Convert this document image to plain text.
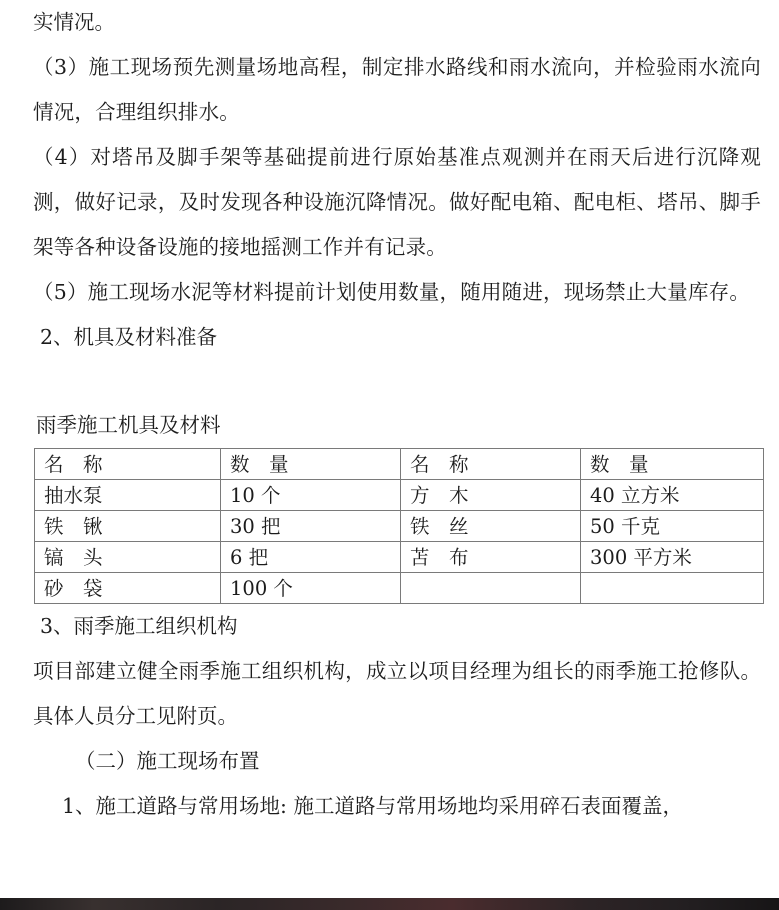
实情况。

（3）施工现场预先测量场地高程，制定排水路线和雨水流向，并检验雨水流向情况，合理组织排水。

（4）对塔吊及脚手架等基础提前进行原始基准点观测并在雨天后进行沉降观测，做好记录，及时发现各种设施沉降情况。做好配电箱、配电柜、塔吊、脚手架等各种设备设施的接地摇测工作并有记录。

（5）施工现场水泥等材料提前计划使用数量，随用随进，现场禁止大量库存。

2、机具及材料准备

雨季施工机具及材料

名　称	数　量	名　称	数　量
抽水泵	10 个	方　木	40 立方米
铁　锹	30 把	铁　丝	50 千克
镐　头	6 把	苫　布	300 平方米
砂　袋	100 个		

3、雨季施工组织机构

项目部建立健全雨季施工组织机构，成立以项目经理为组长的雨季施工抢修队。具体人员分工见附页。

（二）施工现场布置

1、施工道路与常用场地: 施工道路与常用场地均采用碎石表面覆盖，
